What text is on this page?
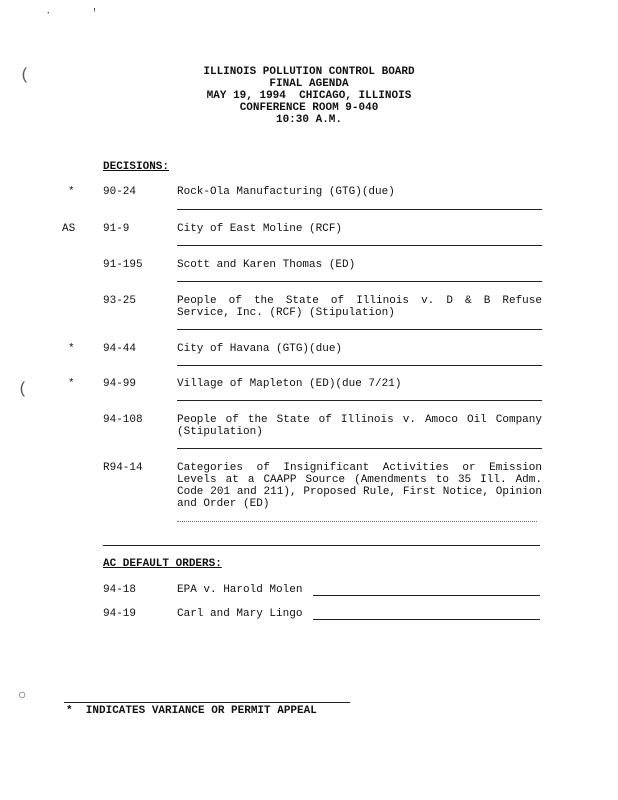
·      '
(
(
○
ILLINOIS POLLUTION CONTROL BOARD
FINAL AGENDA
MAY 19, 1994  CHICAGO, ILLINOIS
CONFERENCE ROOM 9-040
10:30 A.M.
DECISIONS:
*	90-24	Rock-Ola Manufacturing (GTG)(due)
AS	91-9	City of East Moline (RCF)
91-195	Scott and Karen Thomas (ED)
93-25	People of the State of Illinois v. D & B Refuse Service, Inc. (RCF) (Stipulation)
*	94-44	City of Havana (GTG)(due)
*	94-99	Village of Mapleton (ED)(due 7/21)
94-108	People of the State of Illinois v. Amoco Oil Company (Stipulation)
R94-14	Categories of Insignificant Activities or Emission Levels at a CAAPP Source (Amendments to 35 Ill. Adm. Code 201 and 211), Proposed Rule, First Notice, Opinion and Order (ED)
AC DEFAULT ORDERS:
94-18	EPA v. Harold Molen
94-19	Carl and Mary Lingo
*  INDICATES VARIANCE OR PERMIT APPEAL
